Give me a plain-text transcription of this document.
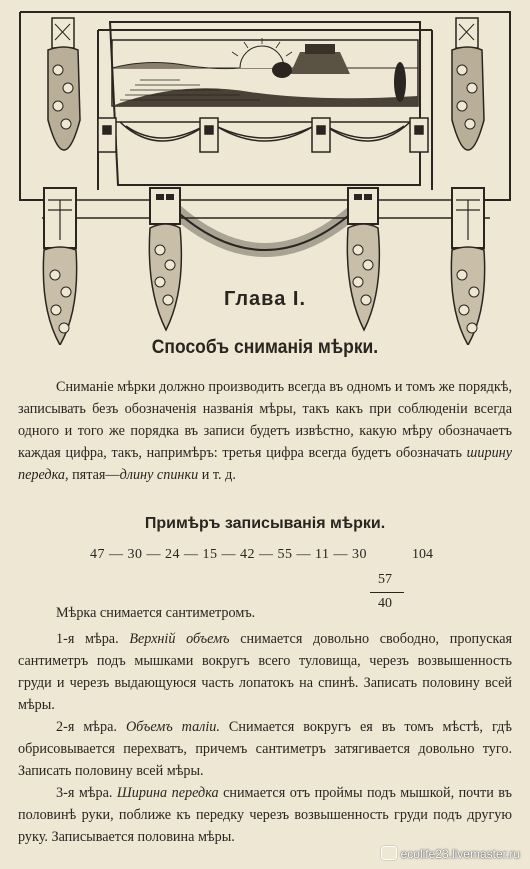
Глава I.
Способъ cниманія мѣрки.
Сниманіе мѣрки должно производить всегда въ одномъ и томъ же порядкѣ, записывать безъ обозначенія названія мѣры, такъ какъ при соблюденіи всегда одного и того же порядка въ записи будетъ извѣстно, какую мѣру обозначаетъ каждая цифра, такъ, напримѣръ: третья цифра всегда будетъ обозначать ширину передка, пятая—длину спинки и т. д.
Примѣръ записыванія мѣрки.
47 — 30 — 24 — 15 — 42 — 55 — 11 — 30	104
57
40
Мѣрка снимается сантиметромъ.
1-я мѣра. Верхній объемъ снимается довольно свободно, пропуская сантиметръ подъ мышками вокругъ всего туловища, черезъ возвышенность груди и черезъ выдающуюся часть лопатокъ на спинѣ. Записать половину всей мѣры.
2-я мѣра. Объемъ таліи. Снимается вокругъ ея въ томъ мѣстѣ, гдѣ обрисовывается перехватъ, причемъ сантиметръ затягивается довольно туго. Записать половину всей мѣры.
3-я мѣра. Ширина передка снимается отъ проймы подъ мышкой, почти въ половинѣ руки, поближе къ передку черезъ возвышенность груди подъ другую руку. Записывается половина мѣры.
ecolife23.livemaster.ru
